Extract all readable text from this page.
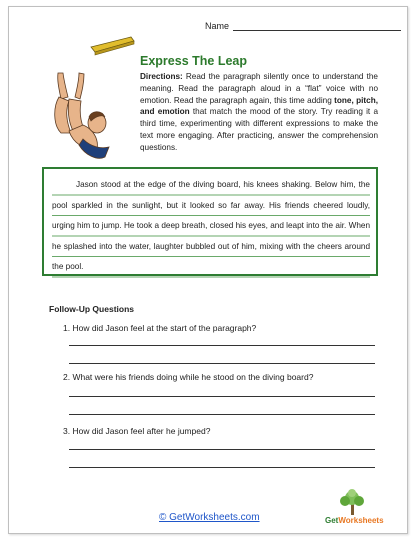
Name
Express The Leap
Directions: Read the paragraph silently once to understand the meaning. Read the paragraph aloud in a “flat” voice with no emotion. Read the paragraph again, this time adding tone, pitch, and emotion that match the mood of the story. Try reading it a third time, experimenting with different expressions to make the text more engaging. After practicing, answer the comprehension questions.

Jason stood at the edge of the diving board, his knees shaking. Below him, the pool sparkled in the sunlight, but it looked so far away. His friends cheered loudly, urging him to jump. He took a deep breath, closed his eyes, and leapt into the air. When he splashed into the water, laughter bubbled out of him, mixing with the cheers around the pool.

Follow-Up Questions
1. How did Jason feel at the start of the paragraph?
2. What were his friends doing while he stood on the diving board?
3. How did Jason feel after he jumped?
© GetWorksheets.com	GetWorksheets
